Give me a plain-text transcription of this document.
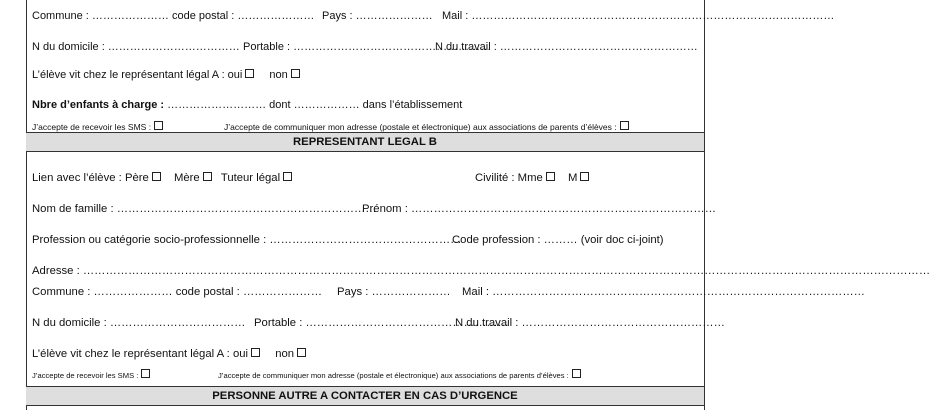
Commune : ………………… code postal : ………………… Pays : ………………… Mail : ………………………………………………………………………………………
N du domicile : ……………………………… Portable : ………………………………………………
N du travail : ………………………………………………
L’élève vit chez le représentant légal A : oui non
Nbre d’enfants à charge : ……………………… dont ……………… dans l’établissement
J’accepte de recevoir les SMS :	J’accepte de communiquer mon adresse (postale et électronique) aux associations de parents d’élèves :
REPRESENTANT LEGAL B
Lien avec l’élève : Père Mère Tuteur légal	Civilité : Mme M
Nom de famille : ……………………………………………………………
Prénom : ………………………………………………………………………
Profession ou catégorie socio-professionnelle : ……………………………………………
Code profession : ……… (voir doc ci-joint)
Adresse : ………………………………………………………………………………………………………………………………………………………………………………………………………
Commune : ………………… code postal : ………………… Pays : ………………… Mail : ………………………………………………………………………………………
N du domicile : ……………………………… Portable : ………………………………………………
N du travail : ………………………………………………
L’élève vit chez le représentant légal A : oui non
J’accepte de recevoir les SMS :	J’accepte de communiquer mon adresse (postale et électronique) aux associations de parents d’élèves :
PERSONNE AUTRE A CONTACTER EN CAS D’URGENCE
